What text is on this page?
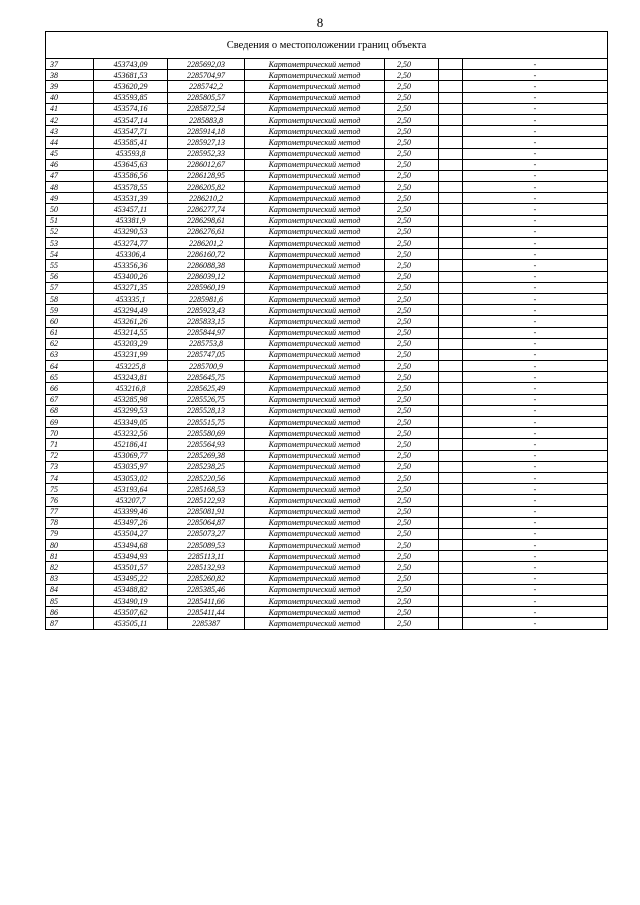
8
Сведения о местоположении границ объекта						
37	453743,09	2285692,03	Картометрический метод	2,50		-
38	453681,53	2285704,97	Картометрический метод	2,50		-
39	453620,29	2285742,2	Картометрический метод	2,50		-
40	453593,85	2285805,57	Картометрический метод	2,50		-
41	453574,16	2285872,54	Картометрический метод	2,50		-
42	453547,14	2285883,8	Картометрический метод	2,50		-
43	453547,71	2285914,18	Картометрический метод	2,50		-
44	453585,41	2285927,13	Картометрический метод	2,50		-
45	453593,8	2285952,33	Картометрический метод	2,50		-
46	453645,63	2286012,67	Картометрический метод	2,50		-
47	453586,56	2286128,95	Картометрический метод	2,50		-
48	453578,55	2286205,82	Картометрический метод	2,50		-
49	453531,39	2286210,2	Картометрический метод	2,50		-
50	453457,11	2286277,74	Картометрический метод	2,50		-
51	453381,9	2286298,61	Картометрический метод	2,50		-
52	453290,53	2286276,61	Картометрический метод	2,50		-
53	453274,77	2286201,2	Картометрический метод	2,50		-
54	453306,4	2286160,72	Картометрический метод	2,50		-
55	453356,36	2286088,38	Картометрический метод	2,50		-
56	453400,26	2286039,12	Картометрический метод	2,50		-
57	453271,35	2285960,19	Картометрический метод	2,50		-
58	453335,1	2285981,6	Картометрический метод	2,50		-
59	453294,49	2285923,43	Картометрический метод	2,50		-
60	453261,26	2285833,15	Картометрический метод	2,50		-
61	453214,55	2285844,97	Картометрический метод	2,50		-
62	453203,29	2285753,8	Картометрический метод	2,50		-
63	453231,99	2285747,05	Картометрический метод	2,50		-
64	453225,8	2285700,9	Картометрический метод	2,50		-
65	453243,81	2285645,75	Картометрический метод	2,50		-
66	453216,8	2285625,49	Картометрический метод	2,50		-
67	453285,98	2285526,75	Картометрический метод	2,50		-
68	453299,53	2285528,13	Картометрический метод	2,50		-
69	453349,05	2285515,75	Картометрический метод	2,50		-
70	453232,56	2285580,69	Картометрический метод	2,50		-
71	452186,41	2285564,93	Картометрический метод	2,50		-
72	453069,77	2285269,38	Картометрический метод	2,50		-
73	453035,97	2285238,25	Картометрический метод	2,50		-
74	453053,02	2285220,56	Картометрический метод	2,50		-
75	453193,64	2285168,53	Картометрический метод	2,50		-
76	453207,7	2285122,93	Картометрический метод	2,50		-
77	453399,46	2285081,91	Картометрический метод	2,50		-
78	453497,26	2285064,87	Картометрический метод	2,50		-
79	453504,27	2285073,27	Картометрический метод	2,50		-
80	453494,68	2285089,53	Картометрический метод	2,50		-
81	453494,93	2285113,11	Картометрический метод	2,50		-
82	453501,57	2285132,93	Картометрический метод	2,50		-
83	453495,22	2285260,82	Картометрический метод	2,50		-
84	453488,82	2285385,46	Картометрический метод	2,50		-
85	453490,19	2285411,66	Картометрический метод	2,50		-
86	453507,62	2285411,44	Картометрический метод	2,50		-
87	453505,11	2285387	Картометрический метод	2,50		-
